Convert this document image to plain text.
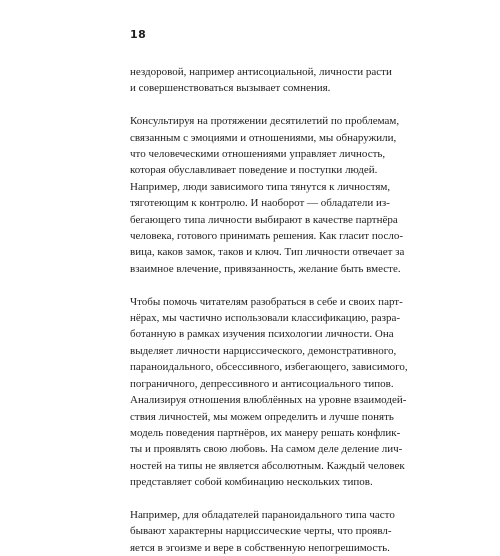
18

нездоровой, например антисоциальной, личности расти
и совершенствоваться вызывает сомнения.

Консультируя на протяжении десятилетий по проблемам,
связанным с эмоциями и отношениями, мы обнаружили,
что человеческими отношениями управляет личность,
которая обуславливает поведение и поступки людей.
Например, люди зависимого типа тянутся к личностям,
тяготеющим к контролю. И наоборот — обладатели из-
бегающего типа личности выбирают в качестве партнёра
человека, готового принимать решения. Как гласит посло-
вица, каков замок, таков и ключ. Тип личности отвечает за
взаимное влечение, привязанность, желание быть вместе.

Чтобы помочь читателям разобраться в себе и своих парт-
нёрах, мы частично использовали классификацию, разра-
ботанную в рамках изучения психологии личности. Она
выделяет личности нарциссического, демонстративного,
параноидального, обсессивного, избегающего, зависимого,
пограничного, депрессивного и антисоциального типов.
Анализируя отношения влюблённых на уровне взаимодей-
ствия личностей, мы можем определить и лучше понять
модель поведения партнёров, их манеру решать конфлик-
ты и проявлять свою любовь. На самом деле деление лич-
ностей на типы не является абсолютным. Каждый человек
представляет собой комбинацию нескольких типов.

Например, для обладателей параноидального типа часто
бывают характерны нарциссические черты, что проявл-
яется в эгоизме и вере в собственную непогрешимость.
